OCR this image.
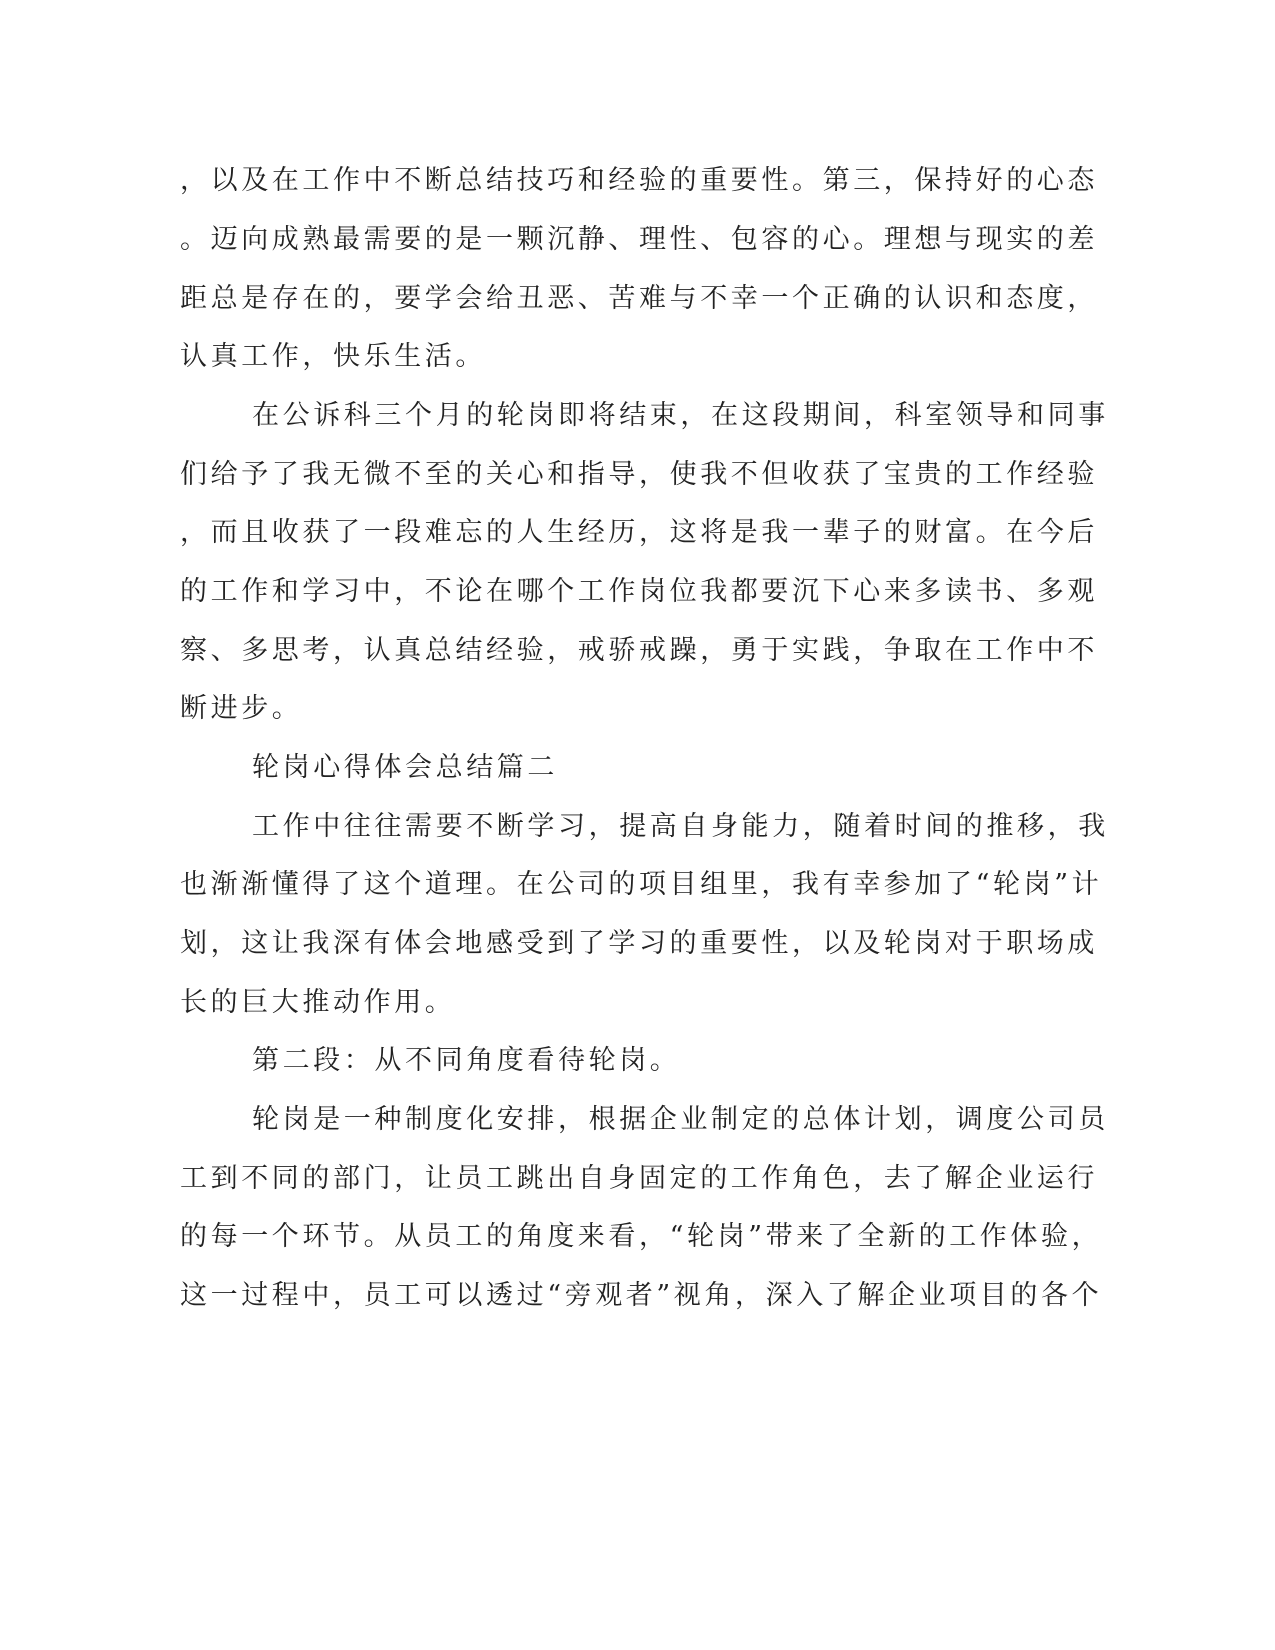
，以及在工作中不断总结技巧和经验的重要性。第三，保持好的心态
。迈向成熟最需要的是一颗沉静、理性、包容的心。理想与现实的差
距总是存在的，要学会给丑恶、苦难与不幸一个正确的认识和态度，
认真工作，快乐生活。
在公诉科三个月的轮岗即将结束，在这段期间，科室领导和同事
们给予了我无微不至的关心和指导，使我不但收获了宝贵的工作经验
，而且收获了一段难忘的人生经历，这将是我一辈子的财富。在今后
的工作和学习中，不论在哪个工作岗位我都要沉下心来多读书、多观
察、多思考，认真总结经验，戒骄戒躁，勇于实践，争取在工作中不
断进步。
轮岗心得体会总结篇二
工作中往往需要不断学习，提高自身能力，随着时间的推移，我
也渐渐懂得了这个道理。在公司的项目组里，我有幸参加了“轮岗”计
划，这让我深有体会地感受到了学习的重要性，以及轮岗对于职场成
长的巨大推动作用。
第二段：从不同角度看待轮岗。
轮岗是一种制度化安排，根据企业制定的总体计划，调度公司员
工到不同的部门，让员工跳出自身固定的工作角色，去了解企业运行
的每一个环节。从员工的角度来看，“轮岗”带来了全新的工作体验，
这一过程中，员工可以透过“旁观者”视角，深入了解企业项目的各个
